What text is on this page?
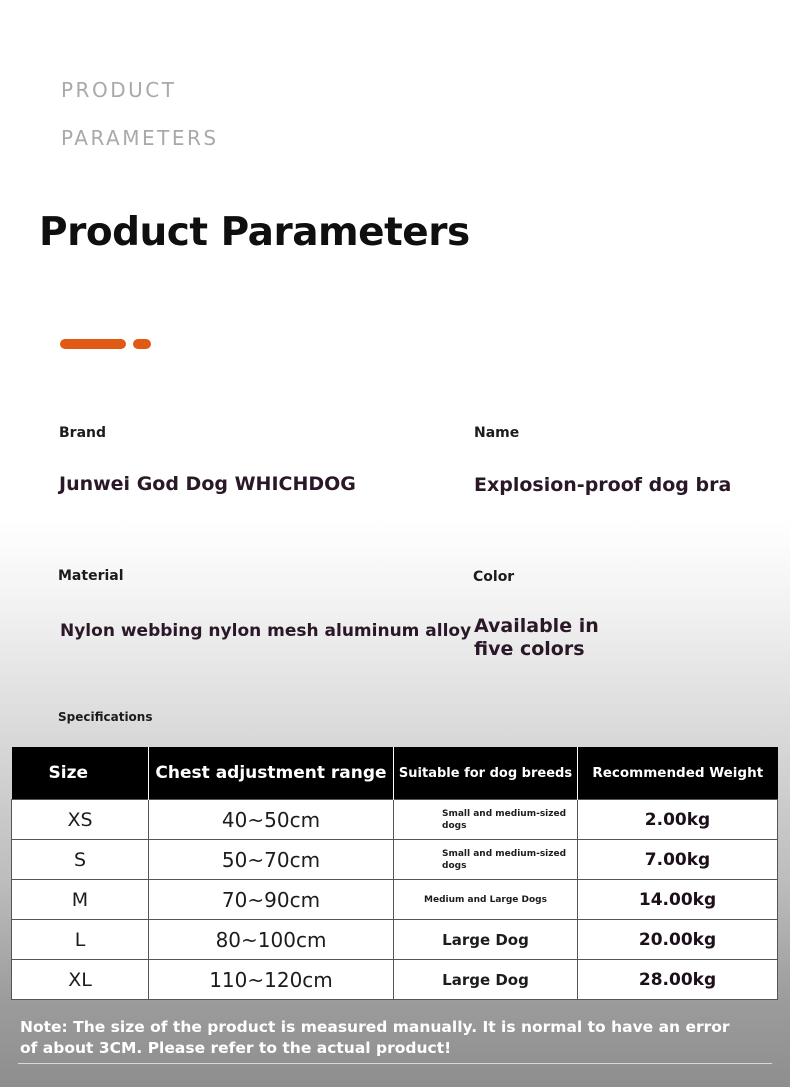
PRODUCT
PARAMETERS
Product Parameters
Brand
Junwei God Dog WHICHDOG
Name
Explosion-proof dog bra
Material
Nylon webbing nylon mesh aluminum alloy
Color
Available in
five colors
Specifications
Size	Chest adjustment range	Suitable for dog breeds	Recommended Weight
XS	40~50cm	Small and medium-sized dogs	2.00kg
S	50~70cm	Small and medium-sized dogs	7.00kg
M	70~90cm	Medium and Large Dogs	14.00kg
L	80~100cm	Large Dog	20.00kg
XL	110~120cm	Large Dog	28.00kg
Note: The size of the product is measured manually. It is normal to have an error of about 3CM. Please refer to the actual product!
